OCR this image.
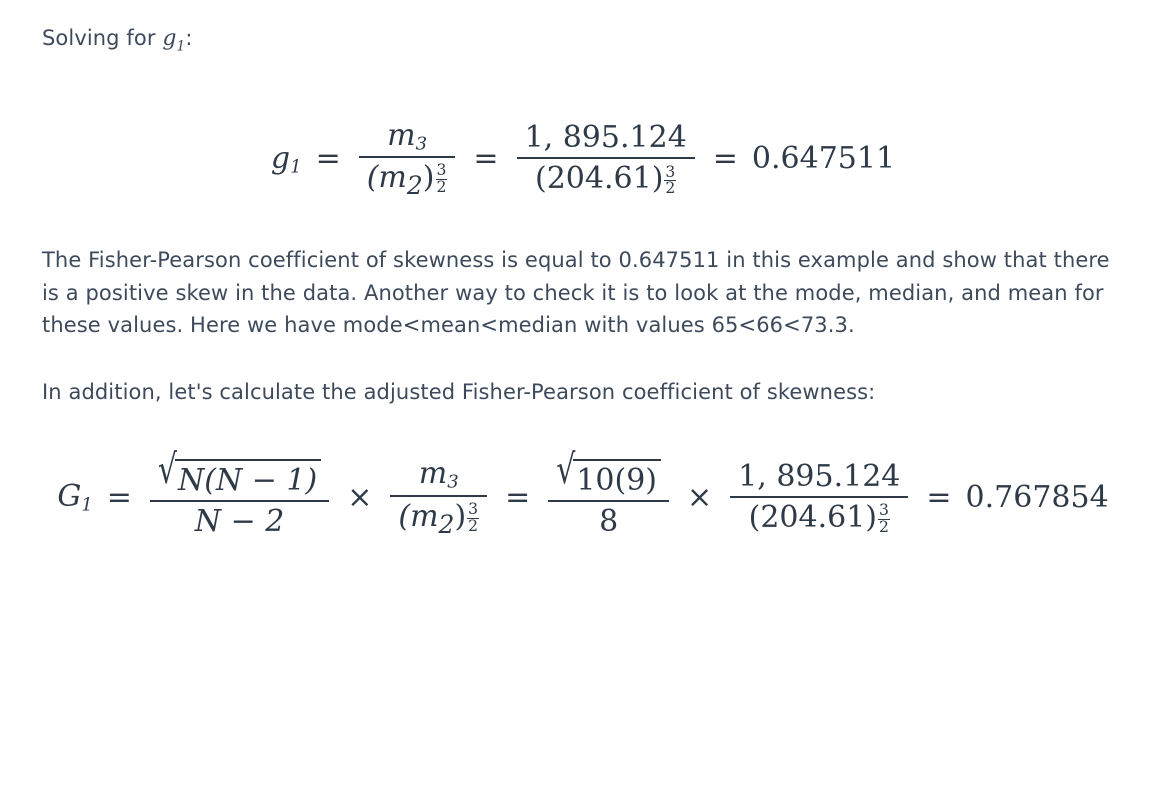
Solving for $g_1$:

$g_1 = \frac{m_3}{(m_2) \frac{3}{2}} = \frac{1, 895.124}{(204.61) \frac{3}{2}} = 0.647511$

The Fisher-Pearson coefficient of skewness is equal to 0.647511 in this example and show that there is a positive skew in the data. Another way to check it is to look at the mode, median, and mean for these values. Here we have mode<mean<median with values 65<66<73.3.

In addition, let's calculate the adjusted Fisher-Pearson coefficient of skewness:

$G_1 = \frac{√ N(N - 1)}{N - 2} \times \frac{m_3}{(m_2) \frac{3}{2}} = \frac{√ 10(9)}{8} \times \frac{1, 895.124}{(204.61) \frac{3}{2}} = 0.767854$
